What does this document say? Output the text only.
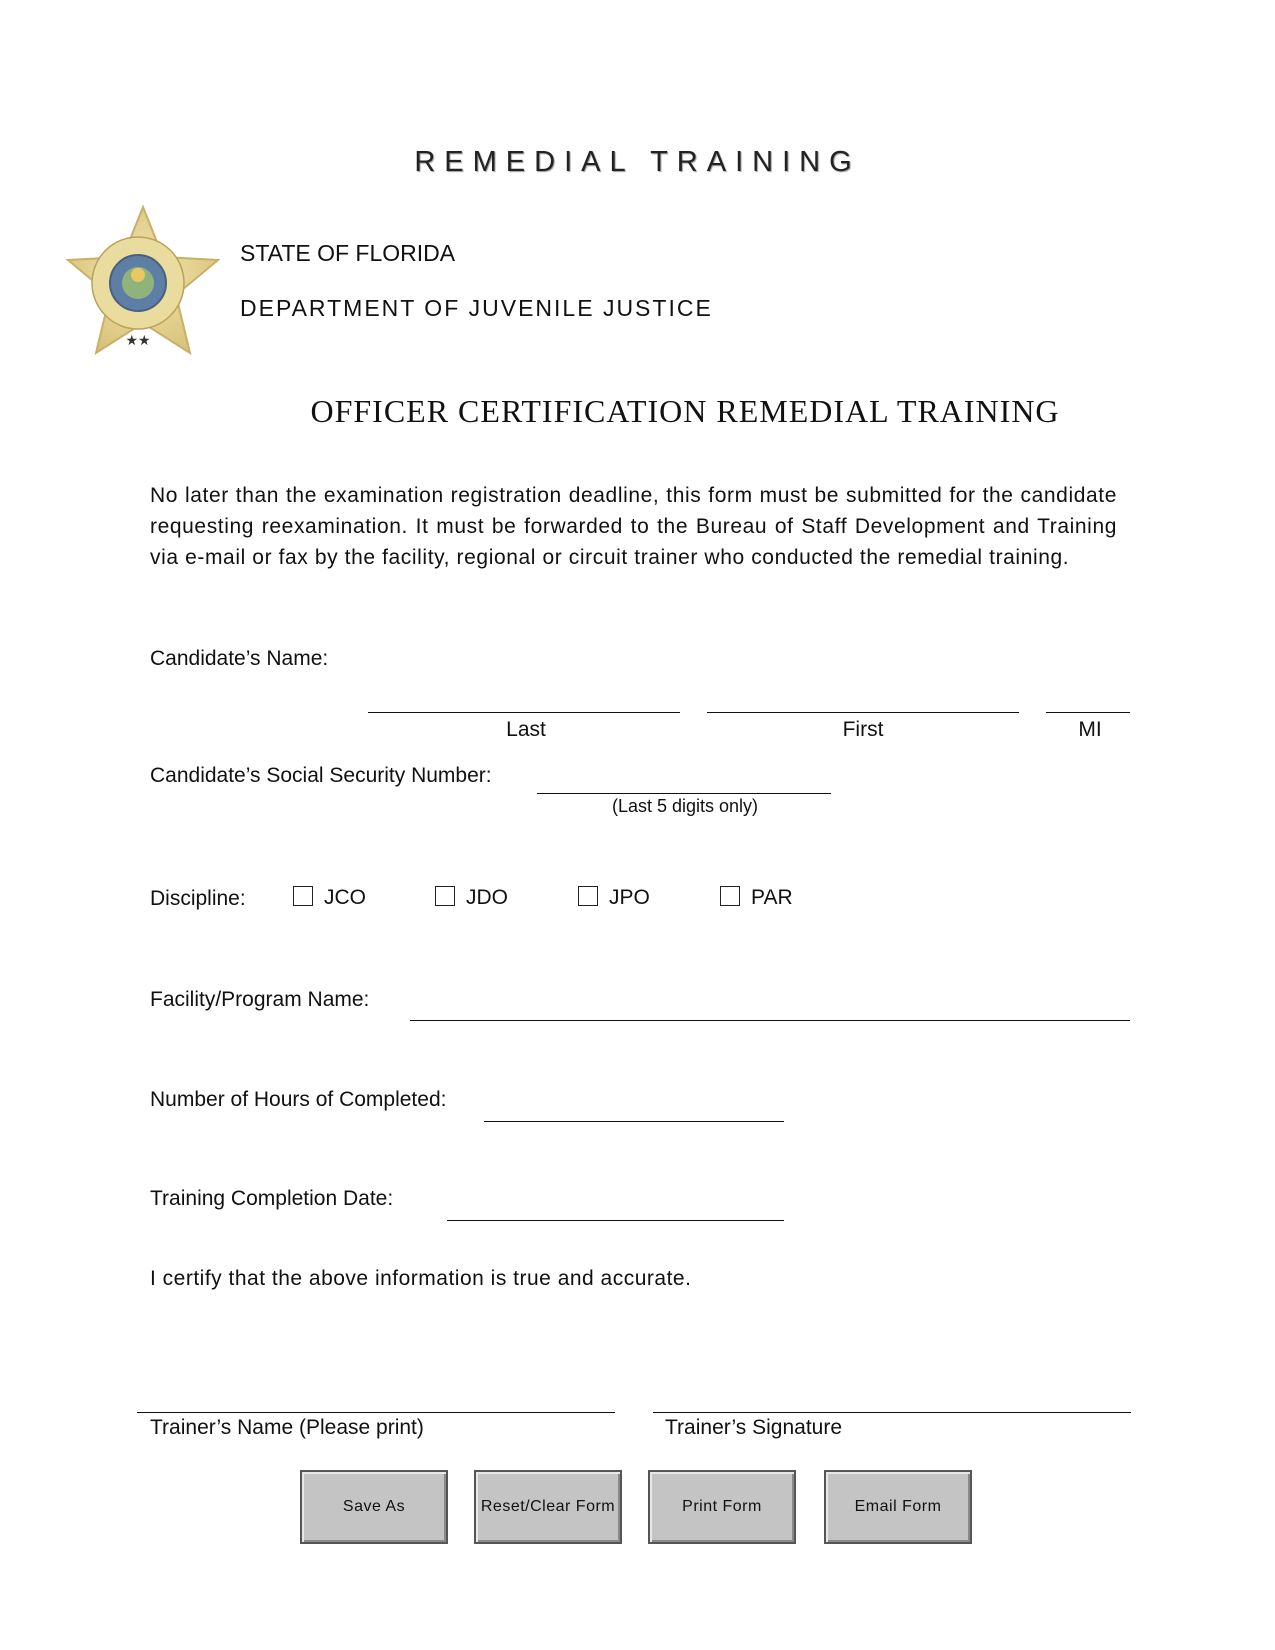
REMEDIAL TRAINING
★★
STATE OF FLORIDA
DEPARTMENT OF JUVENILE JUSTICE
OFFICER CERTIFICATION REMEDIAL TRAINING
No later than the examination registration deadline, this form must be submitted for the candidate requesting reexamination. It must be forwarded to the Bureau of Staff Development and Training via e-mail or fax by the facility, regional or circuit trainer who conducted the remedial training.
Candidate’s Name:
Last	First	MI
Candidate’s Social Security Number:
(Last 5 digits only)
Discipline:	JCO	JDO	JPO	PAR
Facility/Program Name:
Number of Hours of Completed:
Training Completion Date:
I certify that the above information is true and accurate.
Trainer’s Name (Please print)	Trainer’s Signature
Save As	Reset/Clear Form	Print Form	Email Form
